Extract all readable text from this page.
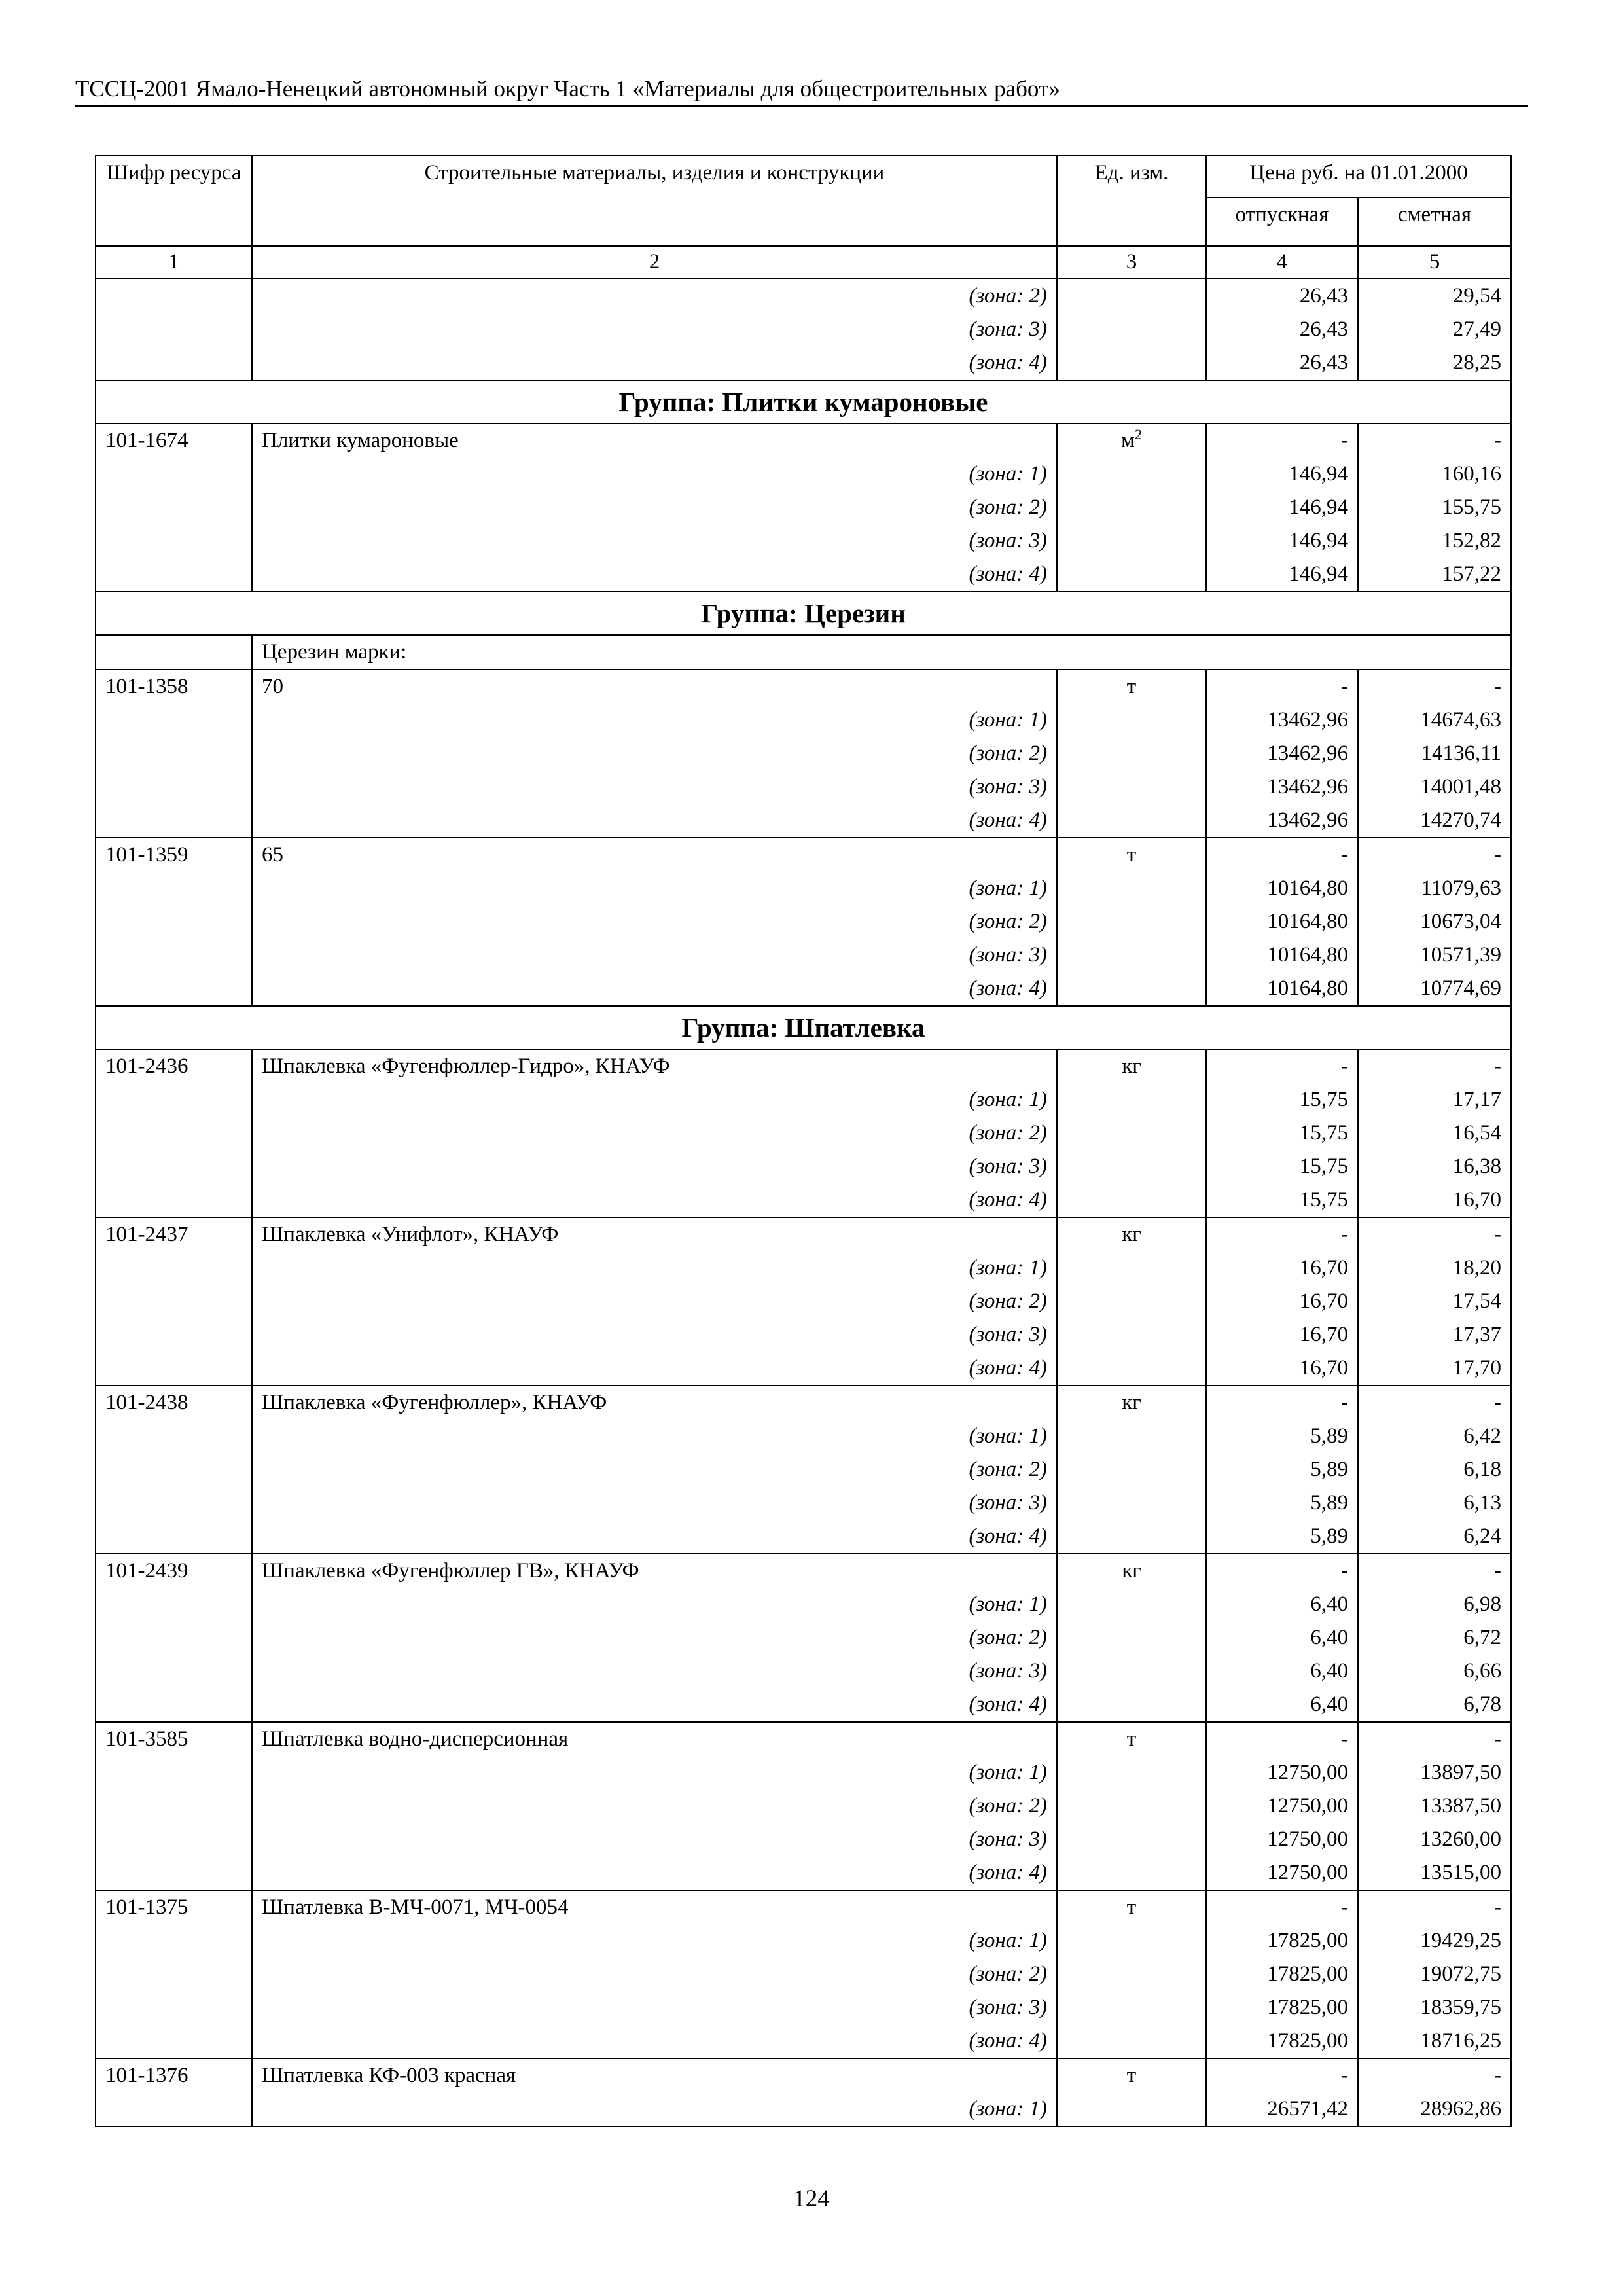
ТССЦ-2001 Ямало-Ненецкий автономный округ Часть 1 «Материалы для общестроительных работ»
Шифр ресурса	Строительные материалы, изделия и конструкции	Ед. изм.	Цена руб. на 01.01.2000	
			отпускная	сметная
1	2	3	4	5
	(зона: 2)		26,43	29,54
	(зона: 3)		26,43	27,49
	(зона: 4)		26,43	28,25
Группа: Плитки кумароновые				
101-1674	Плитки кумароновые	$м^2$	-	-
	(зона: 1)		146,94	160,16
	(зона: 2)		146,94	155,75
	(зона: 3)		146,94	152,82
	(зона: 4)		146,94	157,22
Группа: Церезин				
	Церезин марки:			
101-1358	70	т	-	-
	(зона: 1)		13462,96	14674,63
	(зона: 2)		13462,96	14136,11
	(зона: 3)		13462,96	14001,48
	(зона: 4)		13462,96	14270,74
101-1359	65	т	-	-
	(зона: 1)		10164,80	11079,63
	(зона: 2)		10164,80	10673,04
	(зона: 3)		10164,80	10571,39
	(зона: 4)		10164,80	10774,69
Группа: Шпатлевка				
101-2436	Шпаклевка «Фугенфюллер-Гидро», КНАУФ	кг	-	-
	(зона: 1)		15,75	17,17
	(зона: 2)		15,75	16,54
	(зона: 3)		15,75	16,38
	(зона: 4)		15,75	16,70
101-2437	Шпаклевка «Унифлот», КНАУФ	кг	-	-
	(зона: 1)		16,70	18,20
	(зона: 2)		16,70	17,54
	(зона: 3)		16,70	17,37
	(зона: 4)		16,70	17,70
101-2438	Шпаклевка «Фугенфюллер», КНАУФ	кг	-	-
	(зона: 1)		5,89	6,42
	(зона: 2)		5,89	6,18
	(зона: 3)		5,89	6,13
	(зона: 4)		5,89	6,24
101-2439	Шпаклевка «Фугенфюллер ГВ», КНАУФ	кг	-	-
	(зона: 1)		6,40	6,98
	(зона: 2)		6,40	6,72
	(зона: 3)		6,40	6,66
	(зона: 4)		6,40	6,78
101-3585	Шпатлевка водно-дисперсионная	т	-	-
	(зона: 1)		12750,00	13897,50
	(зона: 2)		12750,00	13387,50
	(зона: 3)		12750,00	13260,00
	(зона: 4)		12750,00	13515,00
101-1375	Шпатлевка В-МЧ-0071, МЧ-0054	т	-	-
	(зона: 1)		17825,00	19429,25
	(зона: 2)		17825,00	19072,75
	(зона: 3)		17825,00	18359,75
	(зона: 4)		17825,00	18716,25
101-1376	Шпатлевка КФ-003 красная	т	-	-
	(зона: 1)		26571,42	28962,86
124
